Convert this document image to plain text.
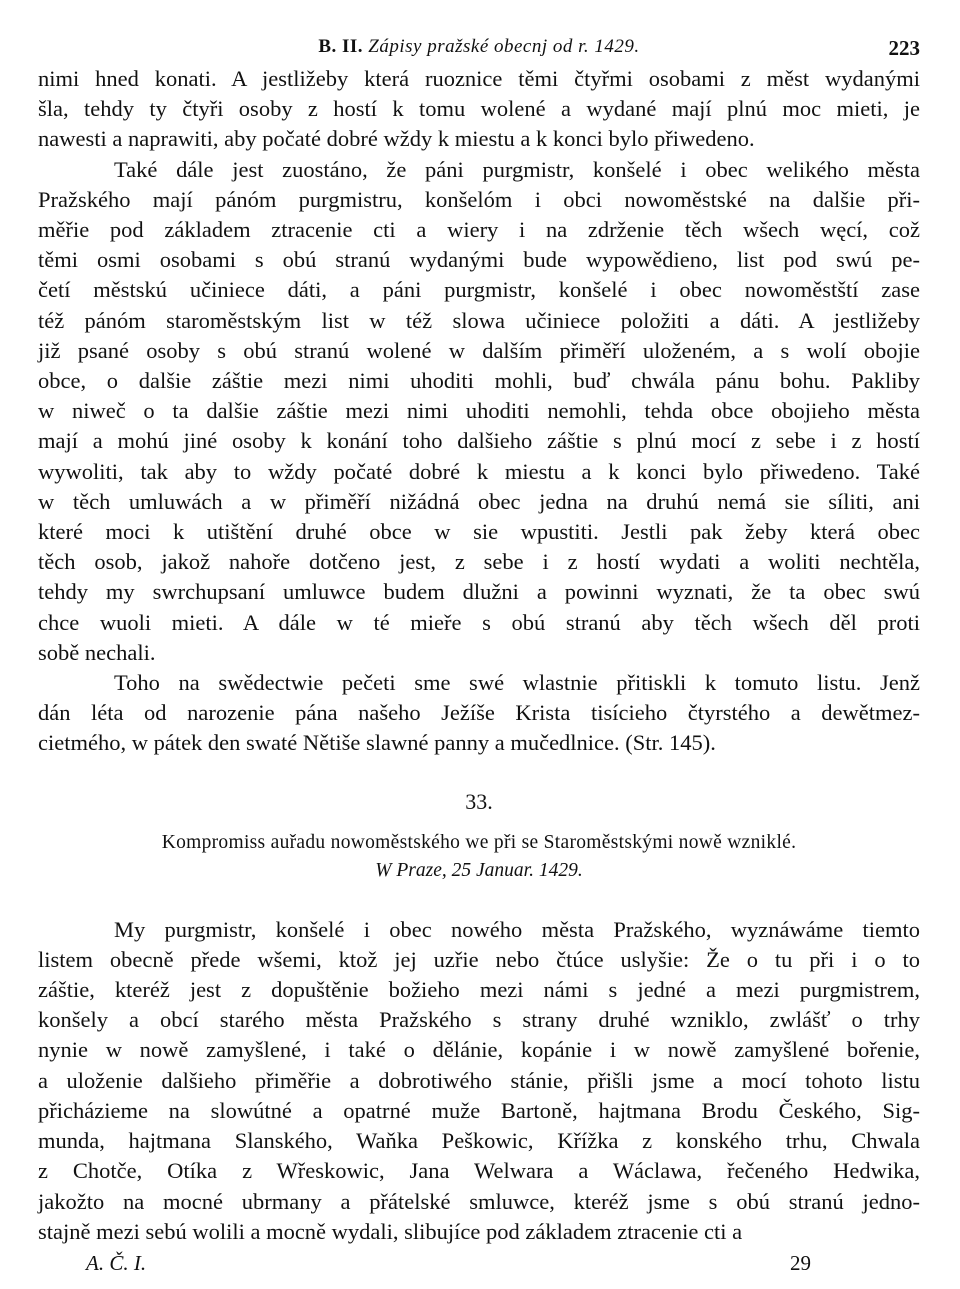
B. II. Zápisy pražské obecnj od r. 1429.	223

nimi hned konati. A jestližeby která ruoznice těmi čtyřmi osobami z měst wydanými
šla, tehdy ty čtyři osoby z hostí k tomu wolené a wydané mají plnú moc mieti, je
nawesti a naprawiti, aby počaté dobré wždy k miestu a k konci bylo přiwedeno.

Také dále jest zuostáno, že páni purgmistr, konšelé i obec welikého města
Pražského mají pánóm purgmistru, konšelóm i obci nowoměstské na dalšie při-
měřie pod základem ztracenie cti a wiery i na zdrženie těch wšech węcí, což
těmi osmi osobami s obú stranú wydanými bude wypowědieno, list pod swú pe-
četí městskú učiniece dáti, a páni purgmistr, konšelé i obec nowoměstští zase
též pánóm staroměstským list w též slowa učiniece položiti a dáti. A jestližeby
již psané osoby s obú stranú wolené w dalším přiměří uloženém, a s wolí obojie
obce, o dalšie záštie mezi nimi uhoditi mohli, buď chwála pánu bohu. Pakliby
w niweč o ta dalšie záštie mezi nimi uhoditi nemohli, tehda obce obojieho města
mají a mohú jiné osoby k konání toho dalšieho záštie s plnú mocí z sebe i z hostí
wywoliti, tak aby to wždy počaté dobré k miestu a k konci bylo přiwedeno. Také
w těch umluwách a w přiměří nižádná obec jedna na druhú nemá sie síliti, ani
které moci k utištění druhé obce w sie wpustiti. Jestli pak žeby která obec
těch osob, jakož nahoře dotčeno jest, z sebe i z hostí wydati a woliti nechtěla,
tehdy my swrchupsaní umluwce budem dlužni a powinni wyznati, že ta obec swú
chce wuoli mieti. A dále w té mieře s obú stranú aby těch wšech děl proti
sobě nechali.

Toho na swědectwie pečeti sme swé wlastnie přitiskli k tomuto listu. Jenž
dán léta od narozenie pána našeho Ježíše Krista tisícieho čtyrstého a dewětmez-
cietmého, w pátek den swaté Nětiše slawné panny a mučedlnice. (Str. 145).

33.
Kompromiss auřadu nowoměstského we při se Staroměstskými nowě wzniklé.
W Praze, 25 Januar. 1429.

My purgmistr, konšelé i obec nowého města Pražského, wyznáwáme tiemto
listem obecně přede wšemi, ktož jej uzřie nebo čtúce uslyšie: Že o tu při i o to
záštie, kteréž jest z dopuštěnie božieho mezi námi s jedné a mezi purgmistrem,
konšely a obcí starého města Pražského s strany druhé wzniklo, zwlášť o trhy
nynie w nowě zamyšlené, i také o dělánie, kopánie i w nowě zamyšlené bořenie,
a uloženie dalšieho přiměřie a dobrotiwého stánie, přišli jsme a mocí tohoto listu
přicházieme na slowútné a opatrné muže Bartoně, hajtmana Brodu Českého, Sig-
munda, hajtmana Slanského, Waňka Peškowic, Křížka z konského trhu, Chwala
z Chotče, Otíka z Wřeskowic, Jana Welwara a Wáclawa, řečeného Hedwika,
jakožto na mocné ubrmany a přátelské smluwce, kteréž jsme s obú stranú jedno-
stajně mezi sebú wolili a mocně wydali, slibujíce pod základem ztracenie cti a

A. Č. I.	29
